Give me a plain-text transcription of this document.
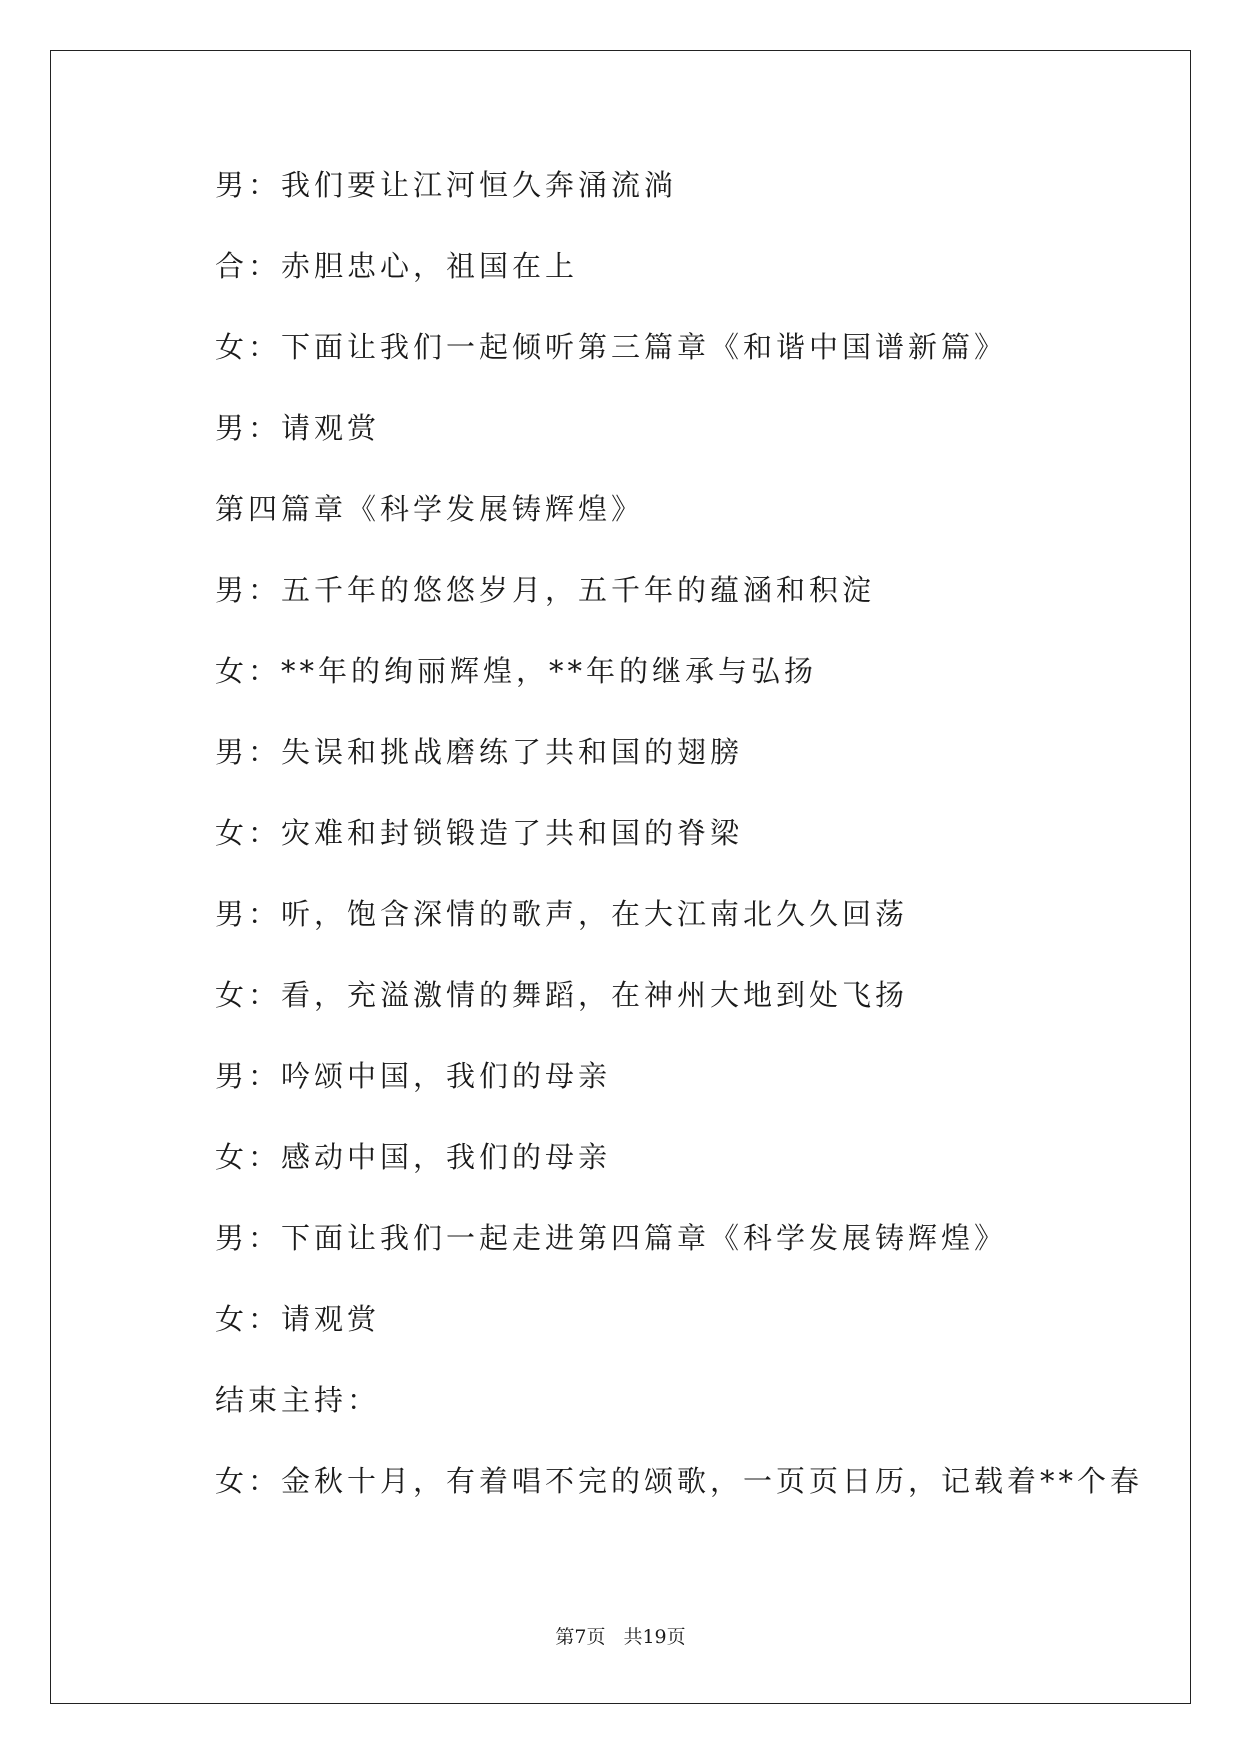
男：我们要让江河恒久奔涌流淌
合：赤胆忠心，祖国在上
女：下面让我们一起倾听第三篇章《和谐中国谱新篇》
男：请观赏
第四篇章《科学发展铸辉煌》
男：五千年的悠悠岁月，五千年的蕴涵和积淀
女：**年的绚丽辉煌，**年的继承与弘扬
男：失误和挑战磨练了共和国的翅膀
女：灾难和封锁锻造了共和国的脊梁
男：听，饱含深情的歌声，在大江南北久久回荡
女：看，充溢激情的舞蹈，在神州大地到处飞扬
男：吟颂中国，我们的母亲
女：感动中国，我们的母亲
男：下面让我们一起走进第四篇章《科学发展铸辉煌》
女：请观赏
结束主持：
女：金秋十月，有着唱不完的颂歌，一页页日历，记载着**个春
第7页 共19页
